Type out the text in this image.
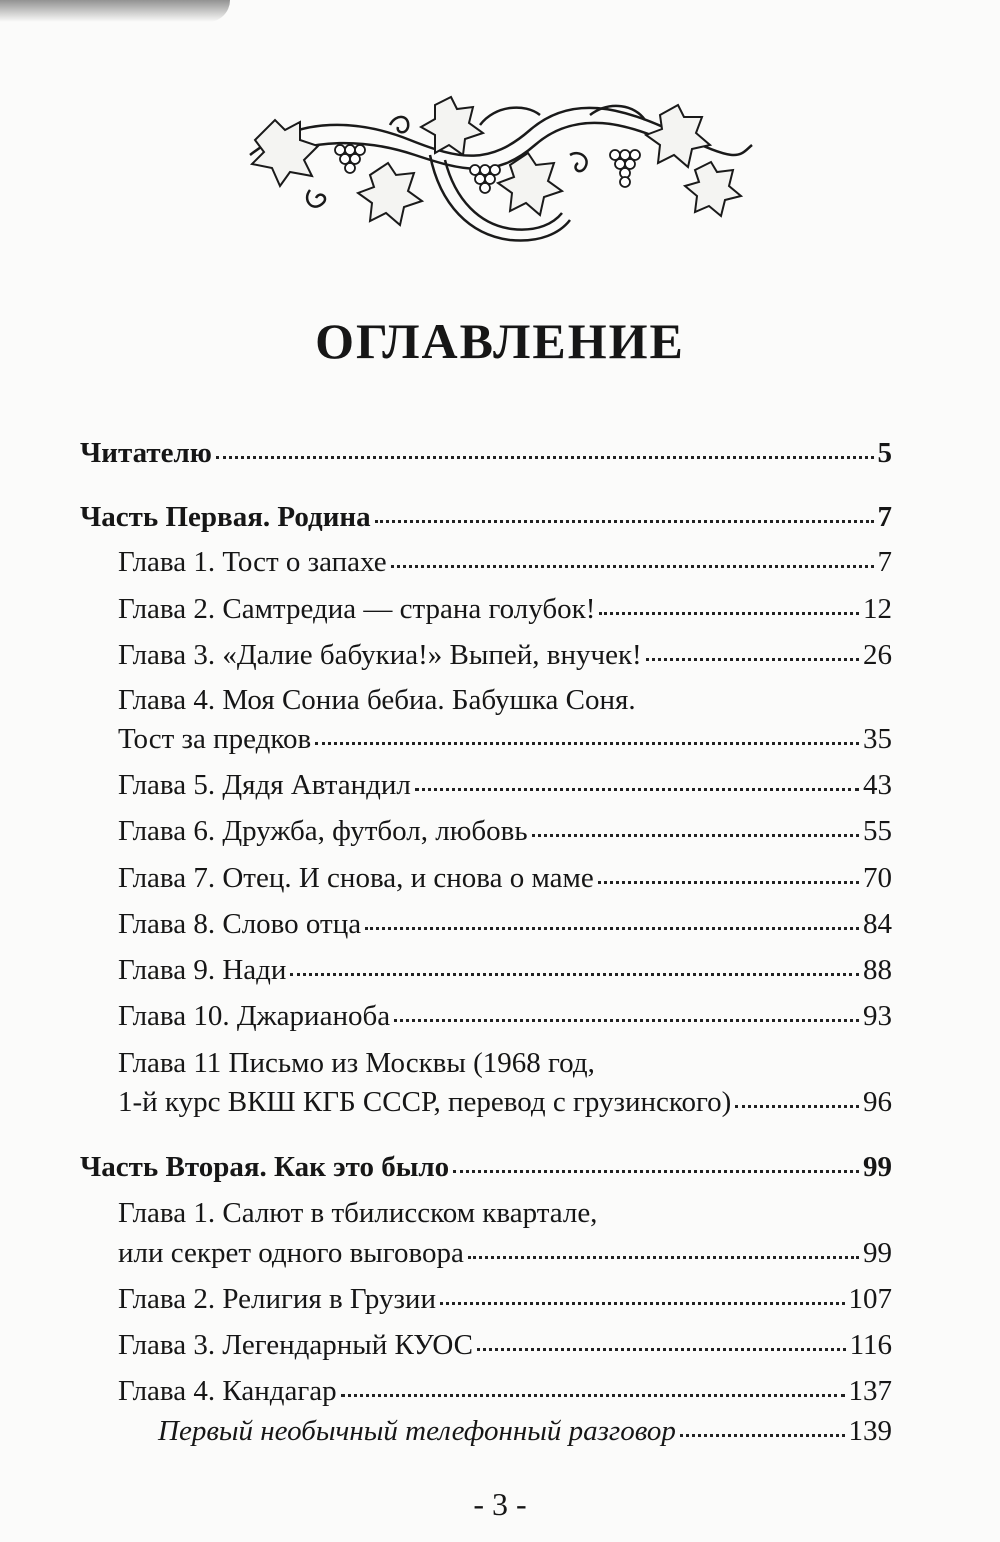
ОГЛАВЛЕНИЕ
Читателю	5
Часть Первая. Родина	7
Глава 1. Тост о запахе	7
Глава 2. Самтредиа — страна голубок!	12
Глава 3. «Далие бабукиа!» Выпей, внучек!	26
Глава 4. Моя Сониа бебиа. Бабушка Соня.
Тост за предков	35
Глава 5. Дядя Автандил	43
Глава 6. Дружба, футбол, любовь	55
Глава 7. Отец. И снова, и снова о маме	70
Глава 8. Слово отца	84
Глава 9. Нади	88
Глава 10. Джарианоба	93
Глава 11 Письмо из Москвы (1968 год,
1-й курс ВКШ КГБ СССР, перевод с грузинского)	96
Часть Вторая. Как это было	99
Глава 1. Салют в тбилисском квартале,
или секрет одного выговора	99
Глава 2. Религия в Грузии	107
Глава 3. Легендарный КУОС	116
Глава 4. Кандагар	137
Первый необычный телефонный разговор	139
- 3 -
